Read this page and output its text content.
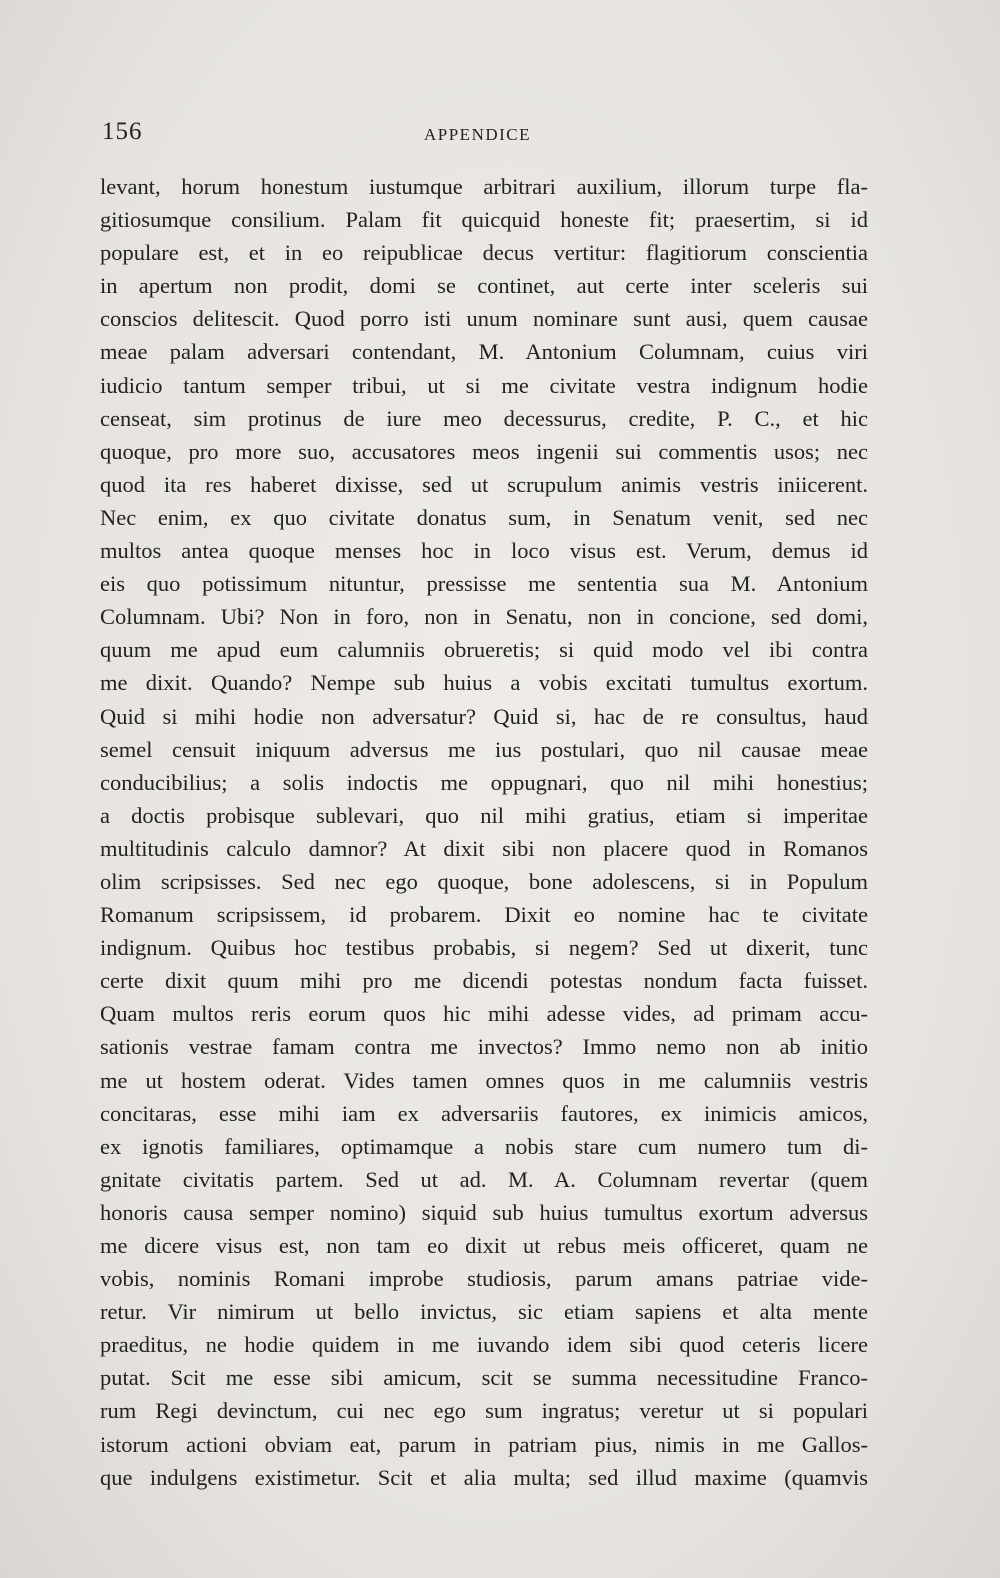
156	APPENDICE
levant, horum honestum iustumque arbitrari auxilium, illorum turpe fla-
gitiosumque consilium. Palam fit quicquid honeste fit; praesertim, si id
populare est, et in eo reipublicae decus vertitur: flagitiorum conscientia
in apertum non prodit, domi se continet, aut certe inter sceleris sui
conscios delitescit. Quod porro isti unum nominare sunt ausi, quem causae
meae palam adversari contendant, M. Antonium Columnam, cuius viri
iudicio tantum semper tribui, ut si me civitate vestra indignum hodie
censeat, sim protinus de iure meo decessurus, credite, P. C., et hic
quoque, pro more suo, accusatores meos ingenii sui commentis usos; nec
quod ita res haberet dixisse, sed ut scrupulum animis vestris iniicerent.
Nec enim, ex quo civitate donatus sum, in Senatum venit, sed nec
multos antea quoque menses hoc in loco visus est. Verum, demus id
eis quo potissimum nituntur, pressisse me sententia sua M. Antonium
Columnam. Ubi? Non in foro, non in Senatu, non in concione, sed domi,
quum me apud eum calumniis obrueretis; si quid modo vel ibi contra
me dixit. Quando? Nempe sub huius a vobis excitati tumultus exortum.
Quid si mihi hodie non adversatur? Quid si, hac de re consultus, haud
semel censuit iniquum adversus me ius postulari, quo nil causae meae
conducibilius; a solis indoctis me oppugnari, quo nil mihi honestius;
a doctis probisque sublevari, quo nil mihi gratius, etiam si imperitae
multitudinis calculo damnor? At dixit sibi non placere quod in Romanos
olim scripsisses. Sed nec ego quoque, bone adolescens, si in Populum
Romanum scripsissem, id probarem. Dixit eo nomine hac te civitate
indignum. Quibus hoc testibus probabis, si negem? Sed ut dixerit, tunc
certe dixit quum mihi pro me dicendi potestas nondum facta fuisset.
Quam multos reris eorum quos hic mihi adesse vides, ad primam accu-
sationis vestrae famam contra me invectos? Immo nemo non ab initio
me ut hostem oderat. Vides tamen omnes quos in me calumniis vestris
concitaras, esse mihi iam ex adversariis fautores, ex inimicis amicos,
ex ignotis familiares, optimamque a nobis stare cum numero tum di-
gnitate civitatis partem. Sed ut ad. M. A. Columnam revertar (quem
honoris causa semper nomino) siquid sub huius tumultus exortum adversus
me dicere visus est, non tam eo dixit ut rebus meis officeret, quam ne
vobis, nominis Romani improbe studiosis, parum amans patriae vide-
retur. Vir nimirum ut bello invictus, sic etiam sapiens et alta mente
praeditus, ne hodie quidem in me iuvando idem sibi quod ceteris licere
putat. Scit me esse sibi amicum, scit se summa necessitudine Franco-
rum Regi devinctum, cui nec ego sum ingratus; veretur ut si populari
istorum actioni obviam eat, parum in patriam pius, nimis in me Gallos-
que indulgens existimetur. Scit et alia multa; sed illud maxime (quamvis
